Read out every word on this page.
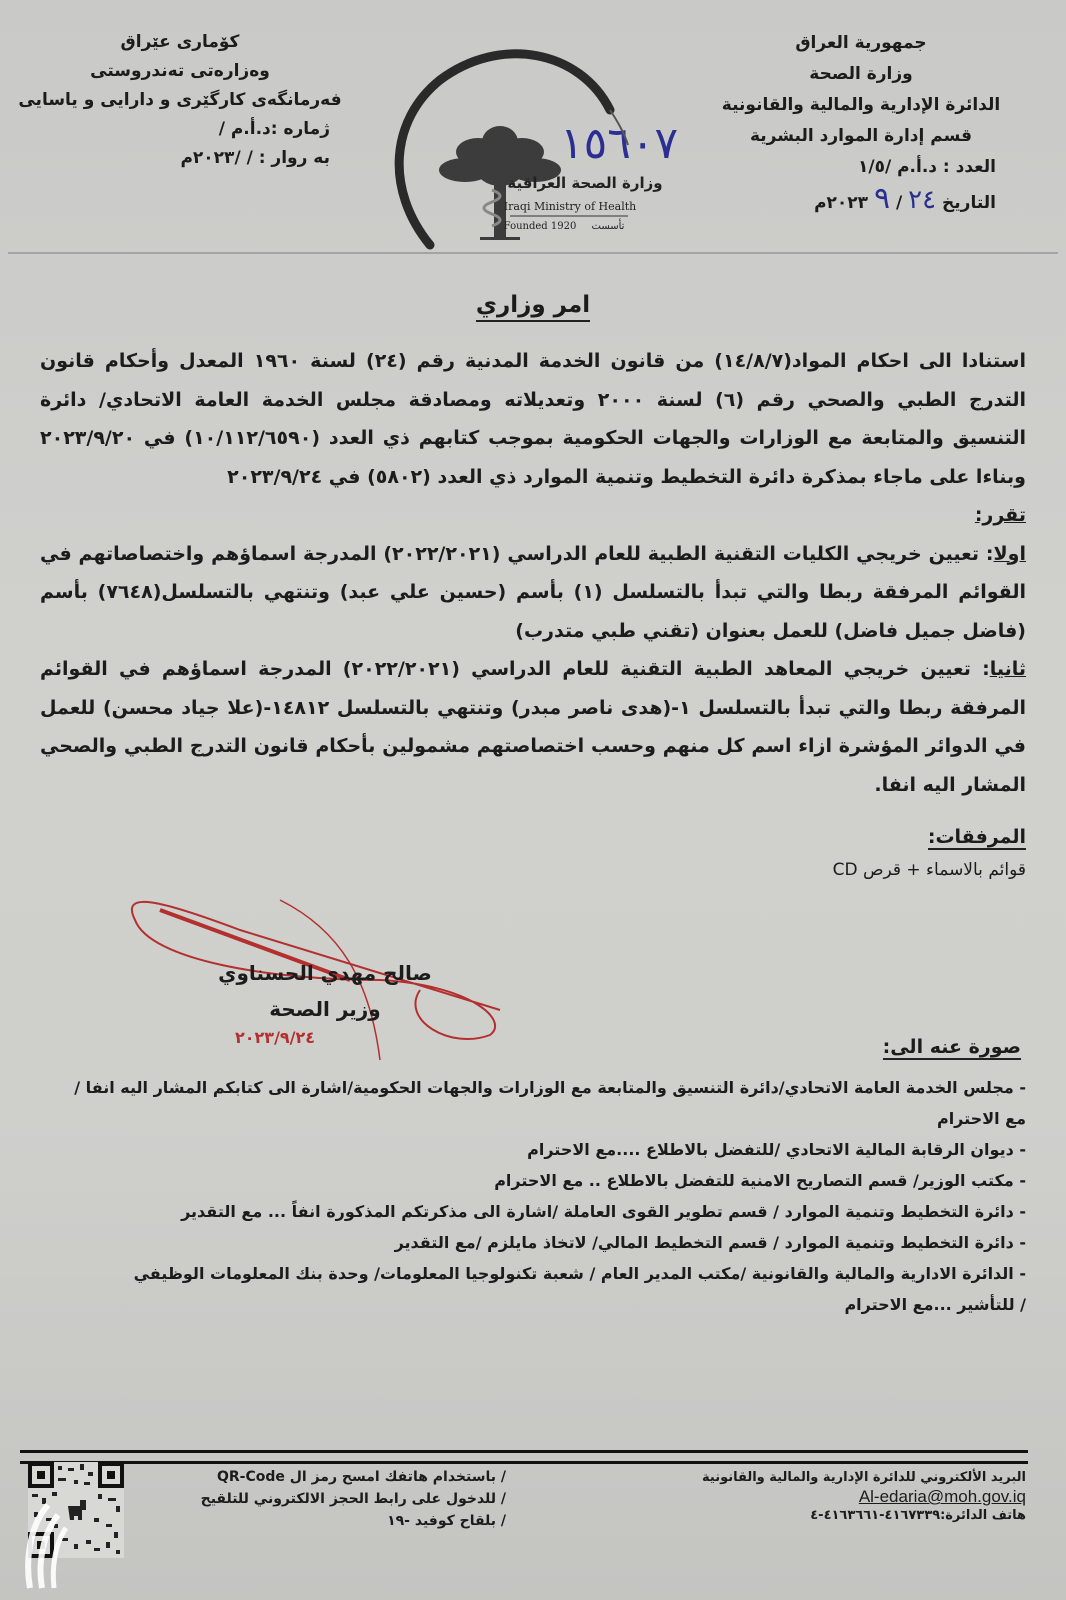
جمهورية العراق
وزارة الصحة
الدائرة الإدارية والمالية والقانونية
قسم إدارة الموارد البشرية
العدد : د.أ.م /١/٥
التاريخ ٢٤ / ٩ ٢٠٢٣م
كۆماری عێراق
وەزارەتی تەندروستی
فەرمانگەی کارگێری و دارایی و یاسایی
ژمارە :د.أ.م /
بە روار : / /٢٠٢٣م	١٥٦٠٧
وزارة الصحة العراقية
Iraqi Ministry of Health
Founded 1920 تأسست
امر وزاري

استنادا الى احكام المواد(١٤/٨/٧) من قانون الخدمة المدنية رقم (٢٤) لسنة ١٩٦٠ المعدل وأحكام قانون التدرج الطبي والصحي رقم (٦) لسنة ٢٠٠٠ وتعديلاته ومصادقة مجلس الخدمة العامة الاتحادي/ دائرة التنسيق والمتابعة مع الوزارات والجهات الحكومية بموجب كتابهم ذي العدد (١٠/١١٢/٦٥٩٠) في ٢٠٢٣/٩/٢٠ وبناءا على ماجاء بمذكرة دائرة التخطيط وتنمية الموارد ذي العدد (٥٨٠٢) في ٢٠٢٣/٩/٢٤

تقرر:

اولا: تعيين خريجي الكليات التقنية الطبية للعام الدراسي (٢٠٢٢/٢٠٢١) المدرجة اسماؤهم واختصاصاتهم في القوائم المرفقة ربطا والتي تبدأ بالتسلسل (١) بأسم (حسين علي عبد) وتنتهي بالتسلسل(٧٦٤٨) بأسم (فاضل جميل فاضل) للعمل بعنوان (تقني طبي متدرب)

ثانيا: تعيين خريجي المعاهد الطبية التقنية للعام الدراسي (٢٠٢٢/٢٠٢١) المدرجة اسماؤهم في القوائم المرفقة ربطا والتي تبدأ بالتسلسل ١-(هدى ناصر مبدر) وتنتهي بالتسلسل ١٤٨١٢-(علا جياد محسن) للعمل في الدوائر المؤشرة ازاء اسم كل منهم وحسب اختصاصتهم مشمولين بأحكام قانون التدرج الطبي والصحي المشار اليه انفا.

المرفقات:
قوائم بالاسماء + قرص CD
صالح مهدي الحسناوي
وزير الصحة
٢٠٢٣/٩/٢٤	صورة عنه الى:
- مجلس الخدمة العامة الاتحادي/دائرة التنسيق والمتابعة مع الوزارات والجهات الحكومية/اشارة الى كتابكم المشار اليه انفا /
مع الاحترام
- ديوان الرقابة المالية الاتحادي /للتفضل بالاطلاع ....مع الاحترام
- مكتب الوزير/ قسم التصاريح الامنية للتفضل بالاطلاع .. مع الاحترام
- دائرة التخطيط وتنمية الموارد / قسم تطوير القوى العاملة /اشارة الى مذكرتكم المذكورة انفاً ... مع التقدير
- دائرة التخطيط وتنمية الموارد / قسم التخطيط المالي/ لاتخاذ مايلزم /مع التقدير
- الدائرة الادارية والمالية والقانونية /مكتب المدير العام / شعبة تكنولوجيا المعلومات/ وحدة بنك المعلومات الوظيفي
/ للتأشير ...مع الاحترام
البريد الألكتروني للدائرة الإدارية والمالية والقانونية
Al-edaria@moh.gov.iq
هاتف الدائرة:٤١٦٧٣٣٩-٤١٦٣٦٦١-٤
/ باستخدام هاتفك امسح رمز ال QR-Code
/ للدخول على رابط الحجز الالكتروني للتلقيح
/ بلقاح كوفيد -١٩
